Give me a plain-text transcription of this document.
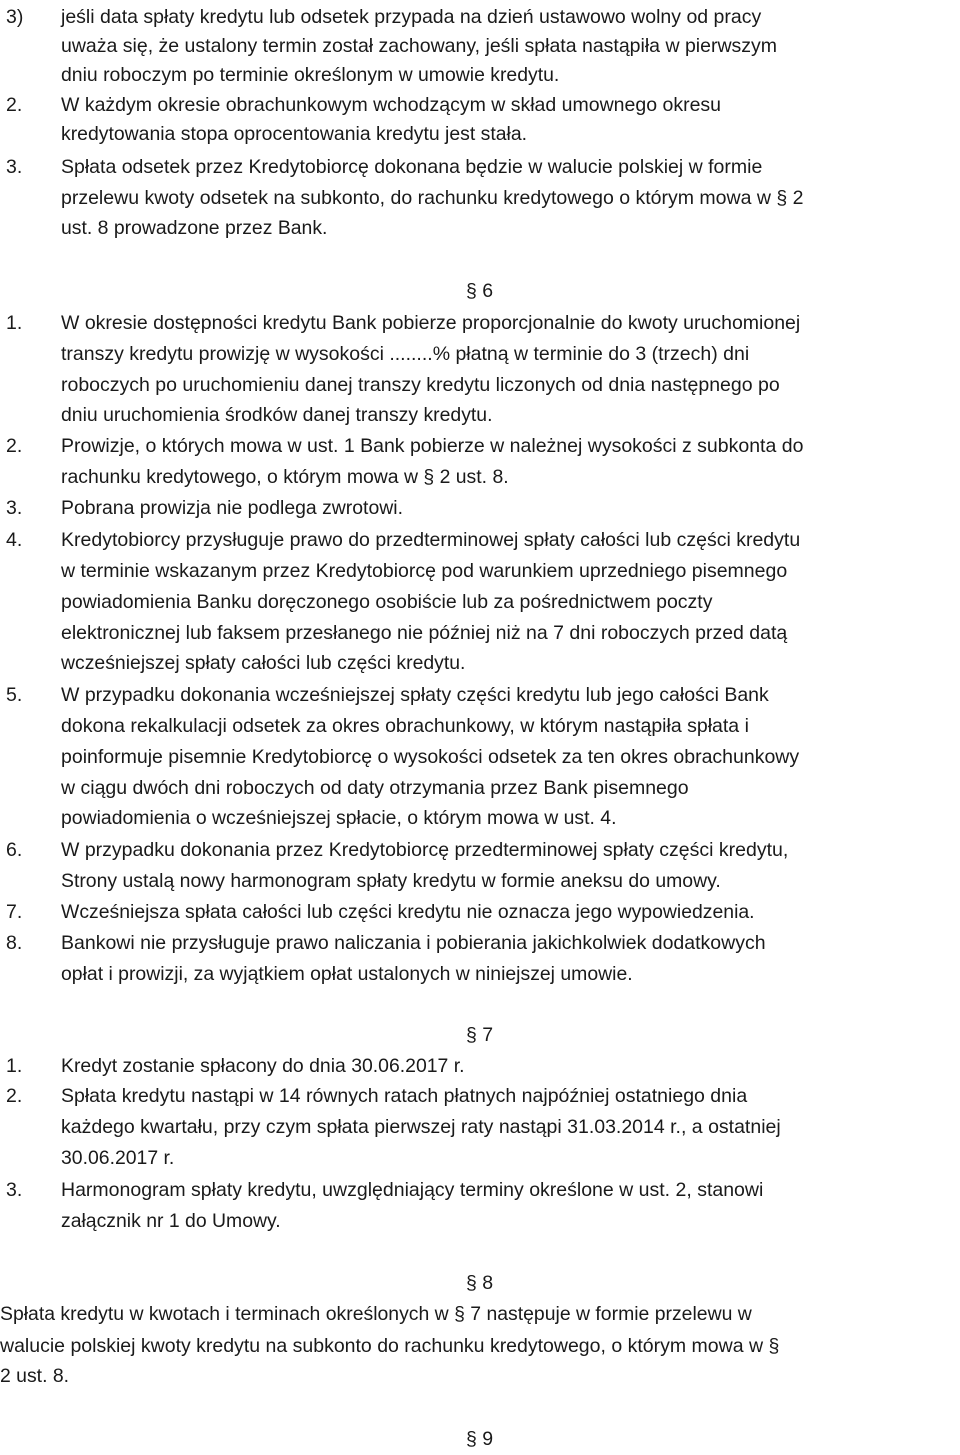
3) jeśli data spłaty kredytu lub odsetek przypada na dzień ustawowo wolny od pracy
uważa się, że ustalony termin został zachowany, jeśli spłata nastąpiła w pierwszym
dniu roboczym po terminie określonym w umowie kredytu.
2. W każdym okresie obrachunkowym wchodzącym w skład umownego okresu
kredytowania stopa oprocentowania kredytu jest stała.
3. Spłata odsetek przez Kredytobiorcę dokonana będzie w walucie polskiej w formie
przelewu kwoty odsetek na subkonto, do rachunku kredytowego o którym mowa w § 2
ust. 8 prowadzone przez Bank.
§ 6
1. W okresie dostępności kredytu Bank pobierze proporcjonalnie do kwoty uruchomionej
transzy kredytu prowizję w wysokości ........% płatną w terminie do 3 (trzech) dni
roboczych po uruchomieniu danej transzy kredytu liczonych od dnia następnego po
dniu uruchomienia środków danej transzy kredytu.
2. Prowizje, o których mowa w ust. 1 Bank pobierze w należnej wysokości z subkonta do
rachunku kredytowego, o którym mowa w § 2 ust. 8.
3. Pobrana prowizja nie podlega zwrotowi.
4. Kredytobiorcy przysługuje prawo do przedterminowej spłaty całości lub części kredytu
w terminie wskazanym przez Kredytobiorcę pod warunkiem uprzedniego pisemnego
powiadomienia Banku doręczonego osobiście lub za pośrednictwem poczty
elektronicznej lub faksem przesłanego nie później niż na 7 dni roboczych przed datą
wcześniejszej spłaty całości lub części kredytu.
5. W przypadku dokonania wcześniejszej spłaty części kredytu lub jego całości Bank
dokona rekalkulacji odsetek za okres obrachunkowy, w którym nastąpiła spłata i
poinformuje pisemnie Kredytobiorcę o wysokości odsetek za ten okres obrachunkowy
w ciągu dwóch dni roboczych od daty otrzymania przez Bank pisemnego
powiadomienia o wcześniejszej spłacie, o którym mowa w ust. 4.
6. W przypadku dokonania przez Kredytobiorcę przedterminowej spłaty części kredytu,
Strony ustalą nowy harmonogram spłaty kredytu w formie aneksu do umowy.
7. Wcześniejsza spłata całości lub części kredytu nie oznacza jego wypowiedzenia.
8. Bankowi nie przysługuje prawo naliczania i pobierania jakichkolwiek dodatkowych
opłat i prowizji, za wyjątkiem opłat ustalonych w niniejszej umowie.
§ 7
1. Kredyt zostanie spłacony do dnia 30.06.2017 r.
2. Spłata kredytu nastąpi w 14 równych ratach płatnych najpóźniej ostatniego dnia
każdego kwartału, przy czym spłata pierwszej raty nastąpi 31.03.2014 r., a ostatniej
30.06.2017 r.
3. Harmonogram spłaty kredytu, uwzględniający terminy określone w ust. 2, stanowi
załącznik nr 1 do Umowy.
§ 8
Spłata kredytu w kwotach i terminach określonych w § 7 następuje w formie przelewu w
walucie polskiej kwoty kredytu na subkonto do rachunku kredytowego, o którym mowa w §
2 ust. 8.
§ 9
